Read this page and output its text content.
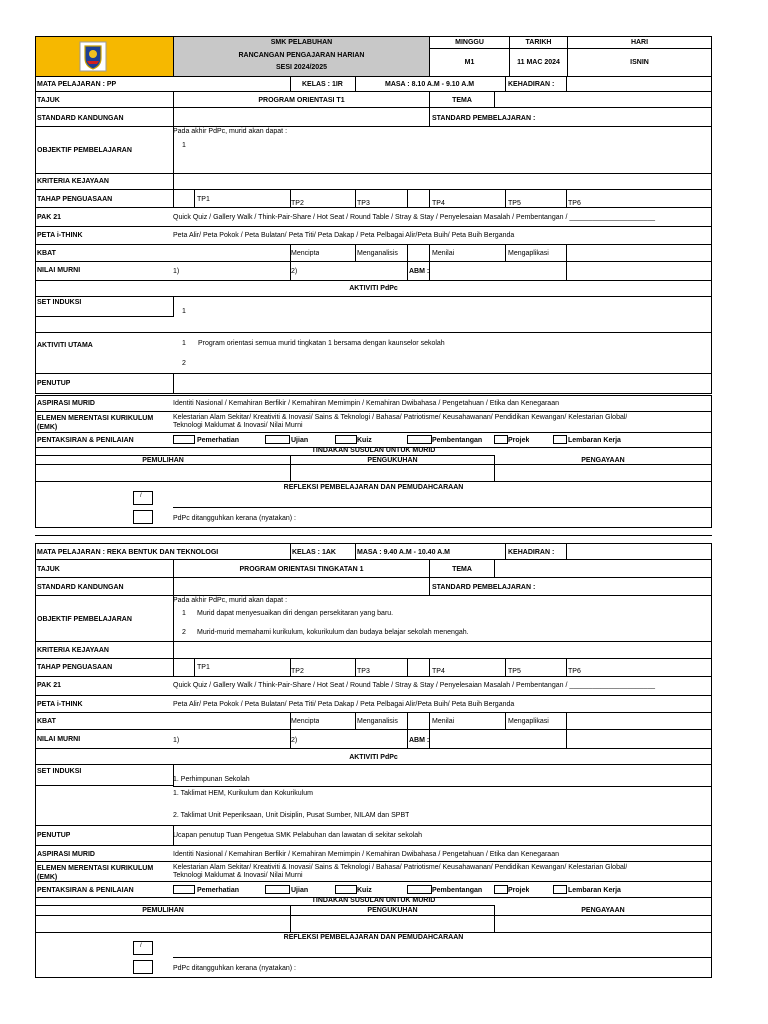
SMK PELABUHAN
RANCANGAN PENGAJARAN HARIAN
SESI 2024/2025
MINGGU	TARIKH	HARI
M1	11 MAC 2024	ISNIN
MATA PELAJARAN : PP	KELAS : 1IR	MASA : 8.10 A.M - 9.10 A.M	KEHADIRAN :
TAJUK	PROGRAM ORIENTASI T1	TEMA
STANDARD KANDUNGAN	STANDARD PEMBELAJARAN :
OBJEKTIF PEMBELAJARAN
Pada akhir PdPc, murid akan dapat :
1
KRITERIA KEJAYAAN
TAHAP PENGUASAAN	TP1
TP2	TP3	TP4	TP5	TP6
PAK 21	Quick Quiz / Gallery Walk / Think-Pair-Share / Hot Seat / Round Table / Stray & Stay / Penyelesaian Masalah / Pembentangan / ______________________
PETA i-THINK	Peta Alir/ Peta Pokok / Peta Bulatan/ Peta Titi/ Peta Dakap / Peta Pelbagai Alir/Peta Buih/ Peta Buih Berganda
KBAT	Mencipta	Menganalisis	Menilai	Mengaplikasi
NILAI MURNI	1)	2)	ABM :
AKTIVITI PdPc
SET INDUKSI
1
AKTIVITI UTAMA	1 Program orientasi semua murid tingkatan 1 bersama dengan kaunselor sekolah
2
PENUTUP
ASPIRASI MURID	Identiti Nasional / Kemahiran Berfikir / Kemahiran Memimpin / Kemahiran Dwibahasa / Pengetahuan / Etika dan Kenegaraan
ELEMEN MERENTASI KURIKULUM (EMK)
Kelestarian Alam Sekitar/ Kreativiti & Inovasi/ Sains & Teknologi / Bahasa/ Patriotisme/ Keusahawanan/ Pendidikan Kewangan/ Kelestarian Global/
Teknologi Maklumat & Inovasi/ Nilai Murni
PENTAKSIRAN & PENILAIAN	Pemerhatian	Ujian	Kuiz	Pembentangan	Projek	Lembaran Kerja
TINDAKAN SUSULAN UNTUK MURID
PEMULIHAN	PENGUKUHAN	PENGAYAAN
REFLEKSI PEMBELAJARAN DAN PEMUDAHCARAAN
/
PdPc ditangguhkan kerana (nyatakan) :
MATA PELAJARAN : REKA BENTUK DAN TEKNOLOGI	KELAS : 1AK	MASA : 9.40 A.M - 10.40 A.M	KEHADIRAN :
TAJUK	PROGRAM ORIENTASI TINGKATAN 1	TEMA
STANDARD KANDUNGAN	STANDARD PEMBELAJARAN :
OBJEKTIF PEMBELAJARAN
Pada akhir PdPc, murid akan dapat :
1 Murid dapat menyesuaikan diri dengan persekitaran yang baru.
2 Murid-murid memahami kurikulum, kokurikulum dan budaya belajar sekolah menengah.
KRITERIA KEJAYAAN
TAHAP PENGUASAAN	TP1
TP2	TP3	TP4	TP5	TP6
PAK 21	Quick Quiz / Gallery Walk / Think-Pair-Share / Hot Seat / Round Table / Stray & Stay / Penyelesaian Masalah / Pembentangan / ______________________
PETA i-THINK	Peta Alir/ Peta Pokok / Peta Bulatan/ Peta Titi/ Peta Dakap / Peta Pelbagai Alir/Peta Buih/ Peta Buih Berganda
KBAT	Mencipta	Menganalisis	Menilai	Mengaplikasi
NILAI MURNI	1)	2)	ABM :
AKTIVITI PdPc
SET INDUKSI
1. Perhimpunan Sekolah
1. Taklimat HEM, Kurikulum dan Kokurikulum
2. Taklimat Unit Peperiksaan, Unit Disiplin, Pusat Sumber, NILAM dan SPBT
PENUTUP	Ucapan penutup Tuan Pengetua SMK Pelabuhan dan lawatan di sekitar sekolah
ASPIRASI MURID	Identiti Nasional / Kemahiran Berfikir / Kemahiran Memimpin / Kemahiran Dwibahasa / Pengetahuan / Etika dan Kenegaraan
ELEMEN MERENTASI KURIKULUM (EMK)
Kelestarian Alam Sekitar/ Kreativiti & Inovasi/ Sains & Teknologi / Bahasa/ Patriotisme/ Keusahawanan/ Pendidikan Kewangan/ Kelestarian Global/
Teknologi Maklumat & Inovasi/ Nilai Murni
PENTAKSIRAN & PENILAIAN	Pemerhatian	Ujian	Kuiz	Pembentangan	Projek	Lembaran Kerja
TINDAKAN SUSULAN UNTUK MURID
PEMULIHAN	PENGUKUHAN	PENGAYAAN
REFLEKSI PEMBELAJARAN DAN PEMUDAHCARAAN
/
PdPc ditangguhkan kerana (nyatakan) :
